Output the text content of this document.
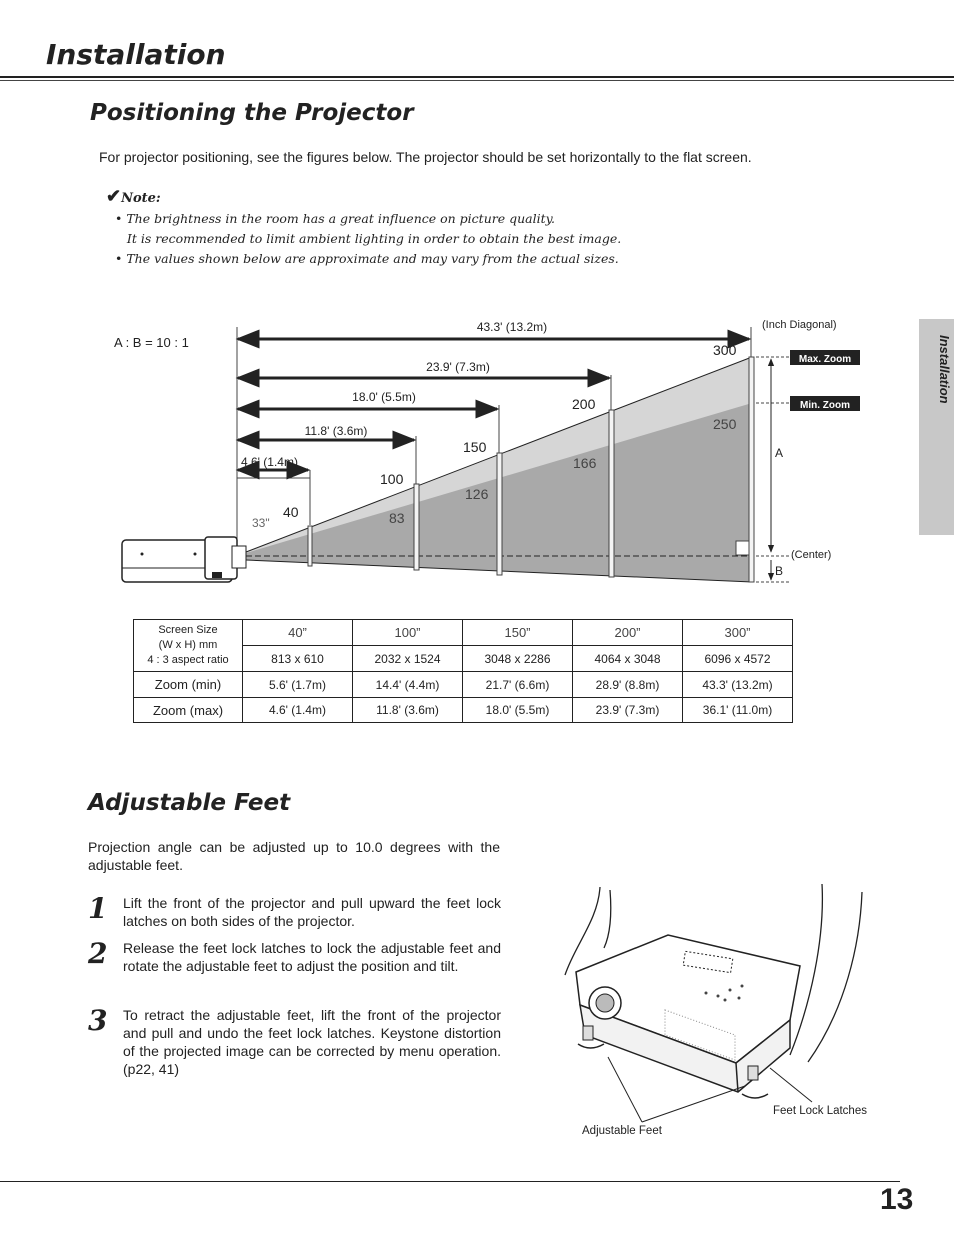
Installation
Installation
Positioning the Projector
For projector positioning, see the figures below. The projector should be set horizontally to the flat screen.
✔Note:
• The brightness in the room has a great influence on picture quality.
It is recommended to limit ambient lighting in order to obtain the best image.
• The values shown below are approximate and may vary from the actual sizes.
A : B = 10 : 1
43.3' (13.2m)
23.9' (7.3m)
18.0' (5.5m)
11.8' (3.6m)
4.6' (1.4m)
(Inch Diagonal)
Max. Zoom
Min. Zoom
A
(Center)
B
40
100
150
200
300
33"	83
126
166
250
Screen Size
(W x H) mm
4 : 3 aspect ratio	40”	100”	150”	200”	300”
	813 x 610	2032 x 1524	3048 x 2286	4064 x 3048	6096 x 4572
Zoom (min)	5.6' (1.7m)	14.4' (4.4m)	21.7' (6.6m)	28.9' (8.8m)	43.3' (13.2m)
Zoom (max)	4.6' (1.4m)	11.8' (3.6m)	18.0' (5.5m)	23.9' (7.3m)	36.1' (11.0m)
Adjustable Feet
Projection angle can be adjusted up to 10.0 degrees with the adjustable feet.
1 Lift the front of the projector and pull upward the feet lock latches on both sides of the projector.
2 Release the feet lock latches to lock the adjustable feet and rotate the adjustable feet to adjust the position and tilt.
3 To retract the adjustable feet, lift the front of the projector and pull and undo the feet lock latches. Keystone distortion of the projected image can be corrected by menu operation. (p22, 41)
Adjustable Feet
Feet Lock Latches
13
